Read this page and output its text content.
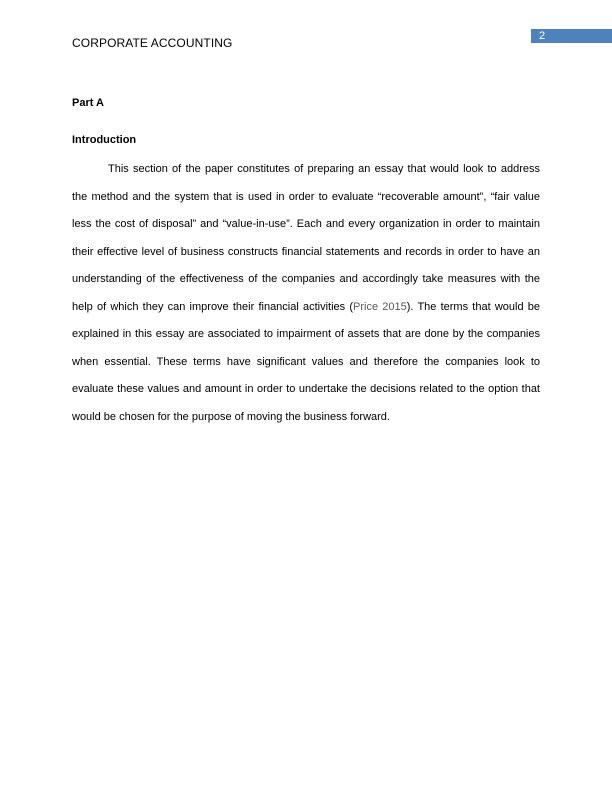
2
CORPORATE ACCOUNTING
Part A
Introduction

This section of the paper constitutes of preparing an essay that would look to address the method and the system that is used in order to evaluate “recoverable amount”, “fair value less the cost of disposal” and “value-in-use”. Each and every organization in order to maintain their effective level of business constructs financial statements and records in order to have an understanding of the effectiveness of the companies and accordingly take measures with the help of which they can improve their financial activities (Price 2015). The terms that would be explained in this essay are associated to impairment of assets that are done by the companies when essential. These terms have significant values and therefore the companies look to evaluate these values and amount in order to undertake the decisions related to the option that would be chosen for the purpose of moving the business forward.
